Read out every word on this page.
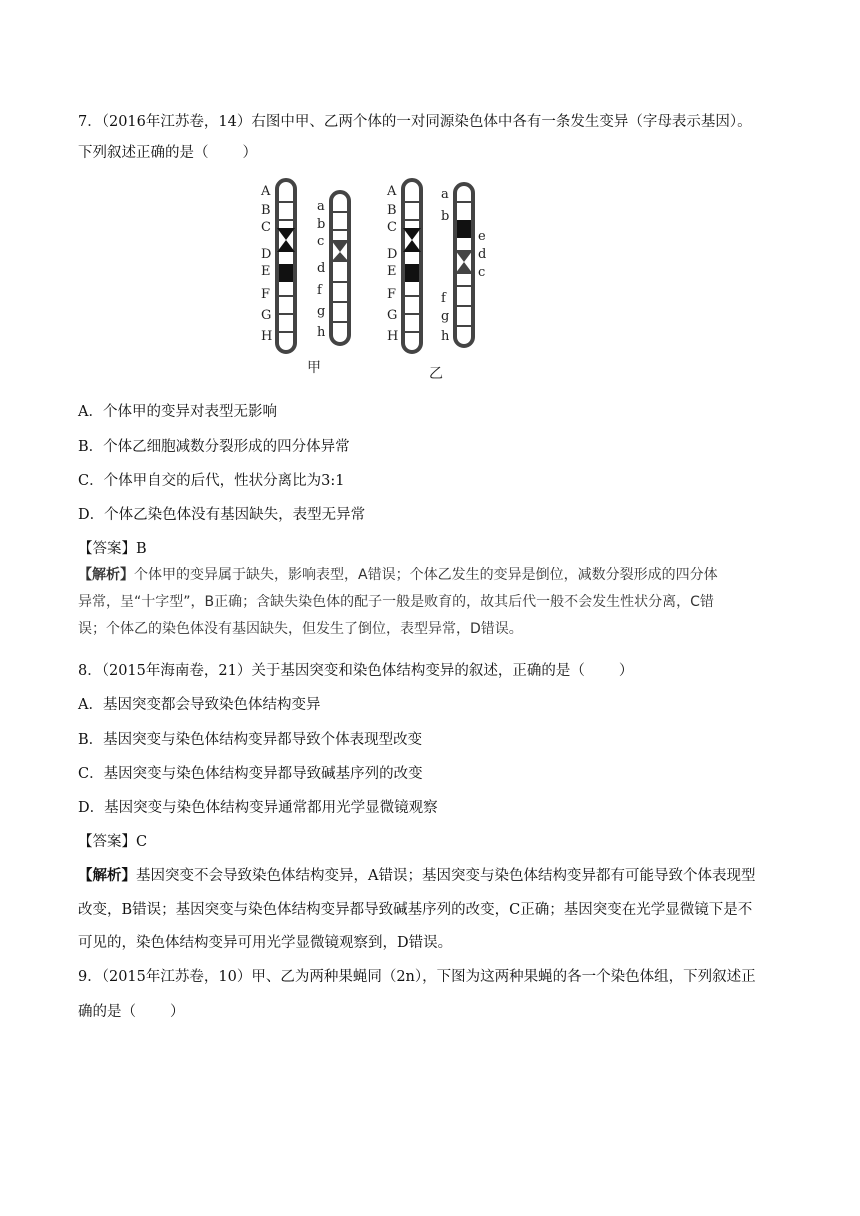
7．（2016年江苏卷，14）右图中甲、乙两个体的一对同源染色体中各有一条发生变异（字母表示基因）。
下列叙述正确的是（ ）
A
B
C
D
E
F
G
H
a
b
c
d
f
g
h
A
B
C
D
E
F
G
H
a
b
e
d
c
f
g
h
甲	乙
A．个体甲的变异对表型无影响
B．个体乙细胞减数分裂形成的四分体异常
C．个体甲自交的后代，性状分离比为3:1
D．个体乙染色体没有基因缺失，表型无异常
【答案】B
【解析】个体甲的变异属于缺失，影响表型，A错误；个体乙发生的变异是倒位，减数分裂形成的四分体
异常，呈“十字型”，B正确；含缺失染色体的配子一般是败育的，故其后代一般不会发生性状分离，C错
误；个体乙的染色体没有基因缺失，但发生了倒位，表型异常，D错误。
8．（2015年海南卷，21）关于基因突变和染色体结构变异的叙述，正确的是（ ）
A．基因突变都会导致染色体结构变异
B．基因突变与染色体结构变异都导致个体表现型改变
C．基因突变与染色体结构变异都导致碱基序列的改变
D．基因突变与染色体结构变异通常都用光学显微镜观察
【答案】C
【解析】基因突变不会导致染色体结构变异，A错误；基因突变与染色体结构变异都有可能导致个体表现型
改变，B错误；基因突变与染色体结构变异都导致碱基序列的改变，C正确；基因突变在光学显微镜下是不
可见的，染色体结构变异可用光学显微镜观察到，D错误。
9．（2015年江苏卷，10）甲、乙为两种果蝇同（2n），下图为这两种果蝇的各一个染色体组，下列叙述正
确的是（ ）
